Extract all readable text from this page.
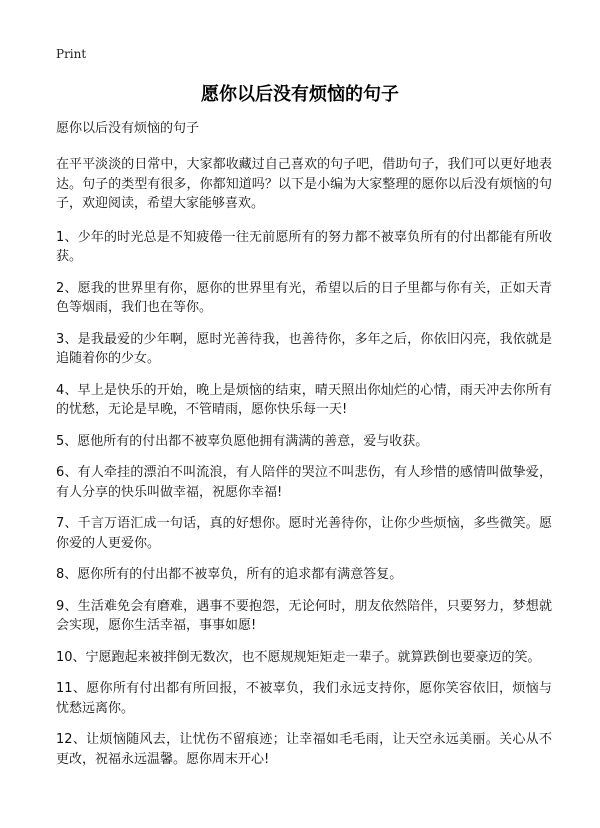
Print
愿你以后没有烦恼的句子

愿你以后没有烦恼的句子

在平平淡淡的日常中，大家都收藏过自己喜欢的句子吧，借助句子，我们可以更好地表达。句子的类型有很多，你都知道吗？以下是小编为大家整理的愿你以后没有烦恼的句子，欢迎阅读，希望大家能够喜欢。

1、少年的时光总是不知疲倦一往无前愿所有的努力都不被辜负所有的付出都能有所收获。

2、愿我的世界里有你，愿你的世界里有光，希望以后的日子里都与你有关，正如天青色等烟雨，我们也在等你。

3、是我最爱的少年啊，愿时光善待我，也善待你，多年之后，你依旧闪亮，我依就是追随着你的少女。

4、早上是快乐的开始，晚上是烦恼的结束，晴天照出你灿烂的心情，雨天冲去你所有的忧愁，无论是早晚，不管晴雨，愿你快乐每一天!

5、愿他所有的付出都不被辜负愿他拥有满满的善意，爱与收获。

6、有人牵挂的漂泊不叫流浪，有人陪伴的哭泣不叫悲伤，有人珍惜的感情叫做挚爱，有人分享的快乐叫做幸福，祝愿你幸福!

7、千言万语汇成一句话，真的好想你。愿时光善待你，让你少些烦恼，多些微笑。愿你爱的人更爱你。

8、愿你所有的付出都不被辜负，所有的追求都有满意答复。

9、生活难免会有磨难，遇事不要抱怨，无论何时，朋友依然陪伴，只要努力，梦想就会实现，愿你生活幸福，事事如愿!

10、宁愿跑起来被拌倒无数次，也不愿规规矩矩走一辈子。就算跌倒也要豪迈的笑。

11、愿你所有付出都有所回报，不被辜负，我们永远支持你，愿你笑容依旧，烦恼与忧愁远离你。

12、让烦恼随风去，让忧伤不留痕迹；让幸福如毛毛雨，让天空永远美丽。关心从不更改，祝福永远温馨。愿你周末开心!
